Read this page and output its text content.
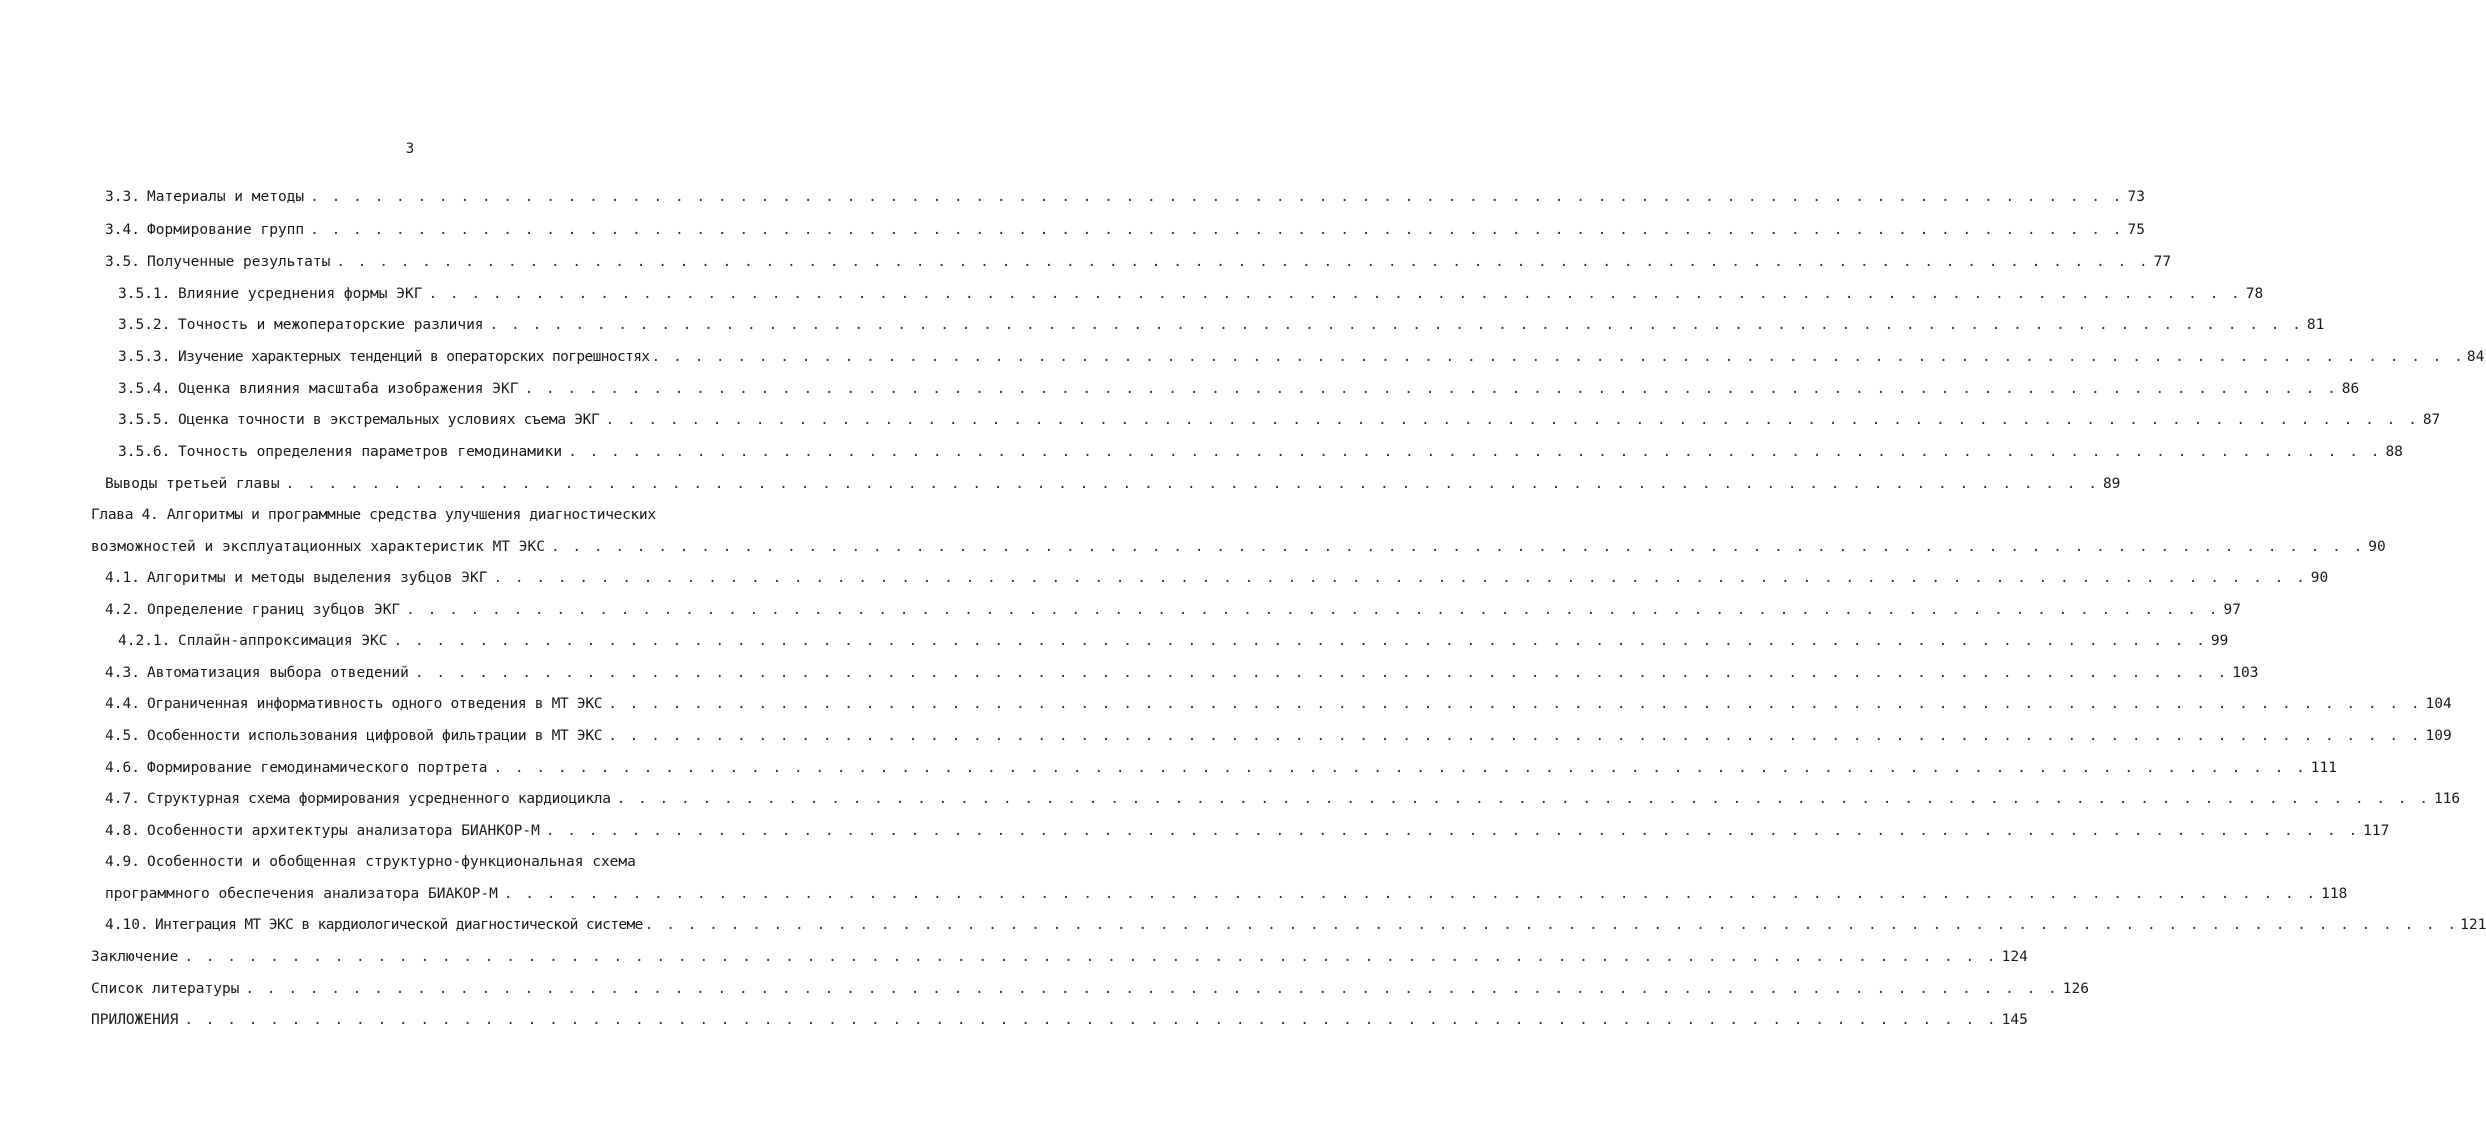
3
3.3. Материалы и методы . . .	73
3.4. Формирование групп . . .	75
3.5. Полученные результаты . . .	77
3.5.1. Влияние усреднения формы ЭКГ . . .	78
3.5.2. Точность и межоператорские различия . . .	81
3.5.3. Изучение характерных тенденций в операторских погрешностях . . .	84
3.5.4. Оценка влияния масштаба изображения ЭКГ . . .	86
3.5.5. Оценка точности в экстремальных условиях съема ЭКГ . . .	87
3.5.6. Точность определения параметров гемодинамики . . .	88
Выводы третьей главы . . .	89
Глава 4. Алгоритмы и программные средства улучшения диагностических
возможностей и эксплуатационных характеристик МТ ЭКС . . .	90
4.1. Алгоритмы и методы выделения зубцов ЭКГ . . .	90
4.2. Определение границ зубцов ЭКГ . . .	97
4.2.1. Сплайн-аппроксимация ЭКС . . .	99
4.3. Автоматизация выбора отведений . . .	103
4.4. Ограниченная информативность одного отведения в МТ ЭКС . . .	104
4.5. Особенности использования цифровой фильтрации в МТ ЭКС . . .	109
4.6. Формирование гемодинамического портрета . . .	111
4.7. Структурная схема формирования усредненного кардиоцикла . . .	116
4.8. Особенности архитектуры анализатора БИАНКОР-М . . .	117
4.9. Особенности и обобщенная структурно-функциональная схема
программного обеспечения анализатора БИАКОР-М . . .	118
4.10. Интеграция МТ ЭКС в кардиологической диагностической системе . . .	121
Заключение . . .	124
Список литературы . . .	126
ПРИЛОЖЕНИЯ . . .	145
